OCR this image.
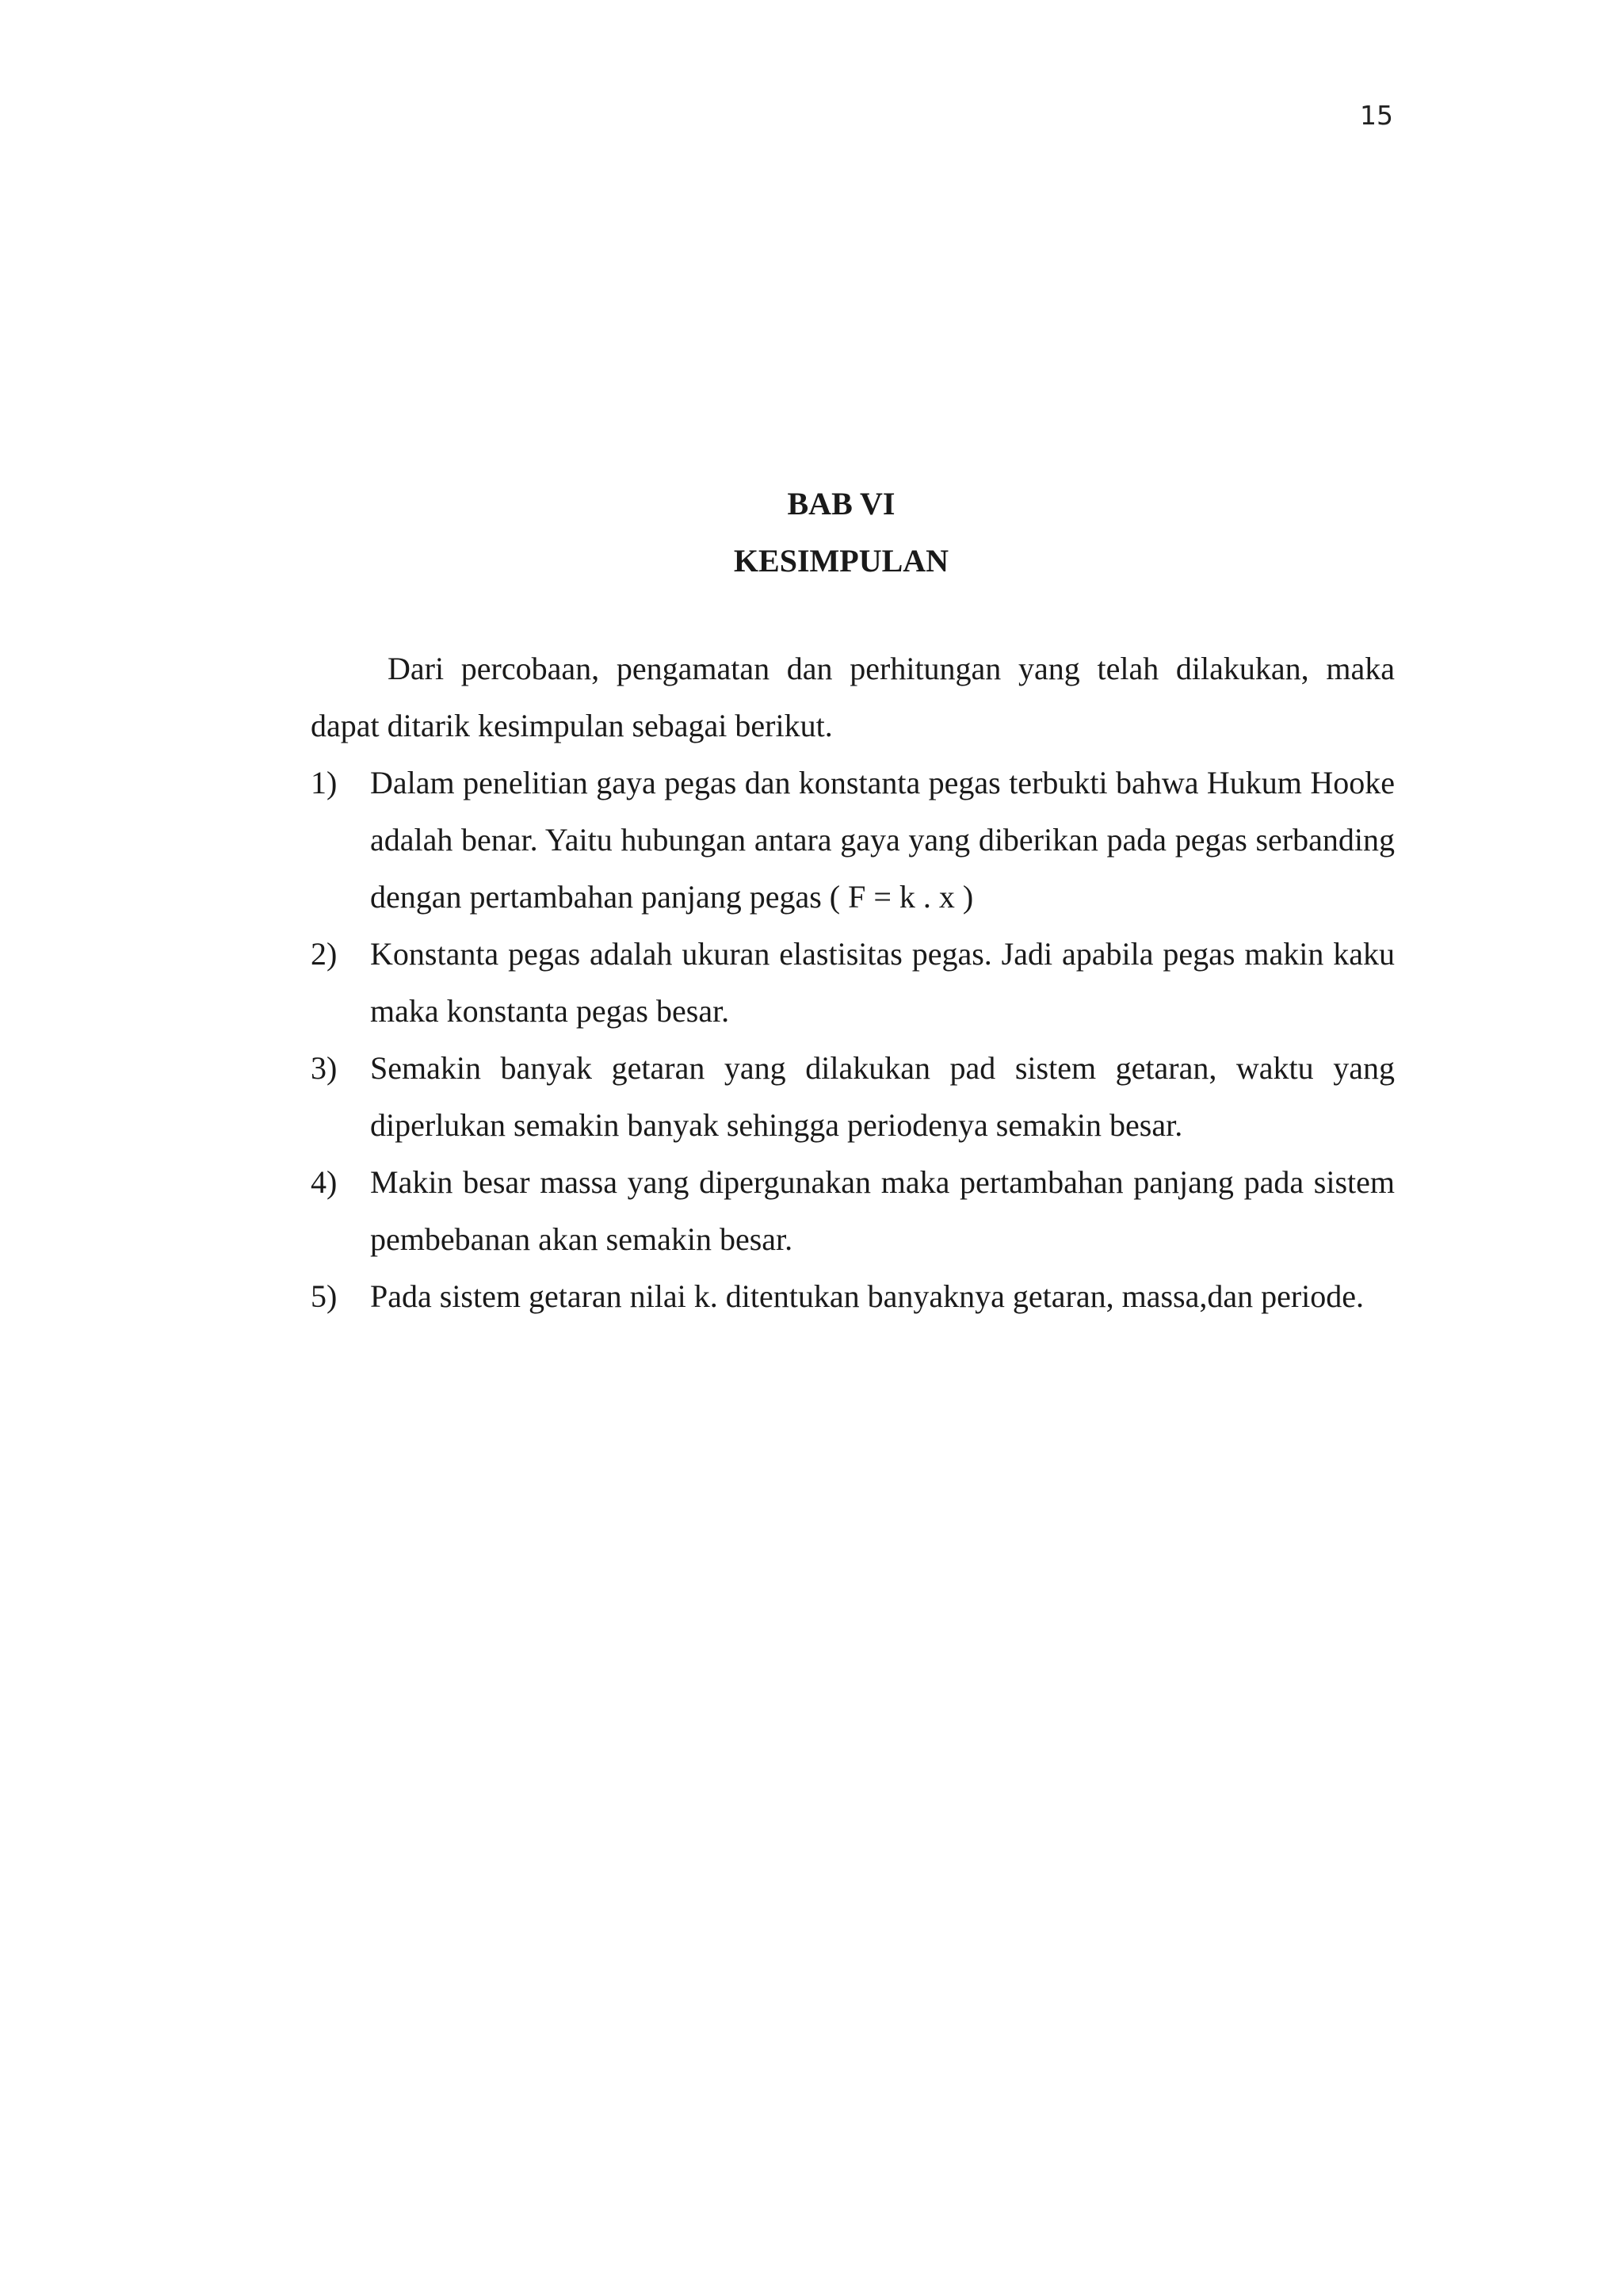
15
BAB VI
KESIMPULAN

Dari percobaan, pengamatan dan perhitungan yang telah dilakukan, maka dapat ditarik kesimpulan sebagai berikut.

1)	Dalam penelitian gaya pegas dan konstanta pegas terbukti bahwa Hukum Hooke adalah benar. Yaitu hubungan antara gaya yang diberikan pada pegas serbanding dengan pertambahan panjang pegas ( F = k . x )
2)	Konstanta pegas adalah ukuran elastisitas pegas. Jadi apabila pegas makin kaku maka konstanta pegas besar.
3)	Semakin banyak getaran yang dilakukan pad sistem getaran, waktu yang diperlukan semakin banyak sehingga periodenya semakin besar.
4)	Makin besar massa yang dipergunakan maka pertambahan panjang pada sistem pembebanan akan semakin besar.
5)	Pada sistem getaran nilai k. ditentukan banyaknya getaran, massa,dan periode.
